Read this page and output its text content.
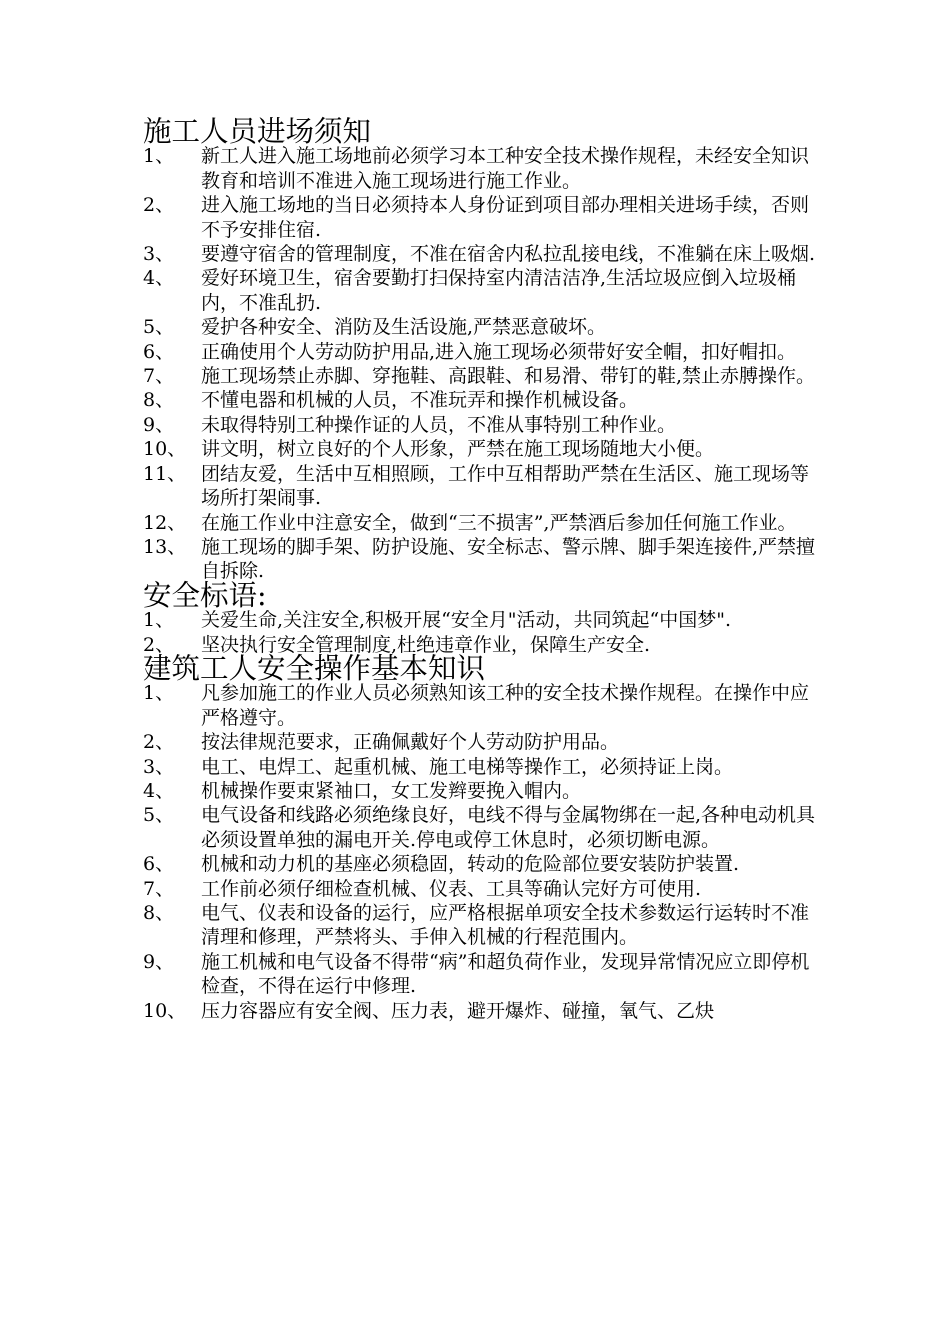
施工人员进场须知
1、	新工人进入施工场地前必须学习本工种安全技术操作规程，未经安全知识教育和培训不准进入施工现场进行施工作业。
2、	进入施工场地的当日必须持本人身份证到项目部办理相关进场手续，否则不予安排住宿.
3、	要遵守宿舍的管理制度，不准在宿舍内私拉乱接电线，不准躺在床上吸烟.
4、	爱好环境卫生，宿舍要勤打扫保持室内清洁洁净,生活垃圾应倒入垃圾桶内，不准乱扔.
5、	爱护各种安全、消防及生活设施,严禁恶意破坏。
6、	正确使用个人劳动防护用品,进入施工现场必须带好安全帽，扣好帽扣。
7、	施工现场禁止赤脚、穿拖鞋、高跟鞋、和易滑、带钉的鞋,禁止赤膊操作。
8、	不懂电器和机械的人员，不准玩弄和操作机械设备。
9、	未取得特别工种操作证的人员，不准从事特别工种作业。
10、 讲文明，树立良好的个人形象，严禁在施工现场随地大小便。
11、 团结友爱，生活中互相照顾，工作中互相帮助严禁在生活区、施工现场等场所打架闹事.
12、 在施工作业中注意安全，做到“三不损害”,严禁酒后参加任何施工作业。
13、 施工现场的脚手架、防护设施、安全标志、警示牌、脚手架连接件,严禁擅自拆除.
安全标语:
1、	关爱生命,关注安全,积极开展“安全月"活动，共同筑起“中国梦".
2、	坚决执行安全管理制度,杜绝违章作业，保障生产安全.
建筑工人安全操作基本知识
1、	凡参加施工的作业人员必须熟知该工种的安全技术操作规程。在操作中应严格遵守。
2、	按法律规范要求，正确佩戴好个人劳动防护用品。
3、	电工、电焊工、起重机械、施工电梯等操作工，必须持证上岗。
4、	机械操作要束紧袖口，女工发辫要挽入帽内。
5、	电气设备和线路必须绝缘良好，电线不得与金属物绑在一起,各种电动机具必须设置单独的漏电开关.停电或停工休息时，必须切断电源。
6、	机械和动力机的基座必须稳固，转动的危险部位要安装防护装置.
7、	工作前必须仔细检查机械、仪表、工具等确认完好方可使用.
8、	电气、仪表和设备的运行，应严格根据单项安全技术参数运行运转时不准清理和修理，严禁将头、手伸入机械的行程范围内。
9、	施工机械和电气设备不得带“病”和超负荷作业，发现异常情况应立即停机检查，不得在运行中修理.
10、 压力容器应有安全阀、压力表，避开爆炸、碰撞，氧气、乙炔
